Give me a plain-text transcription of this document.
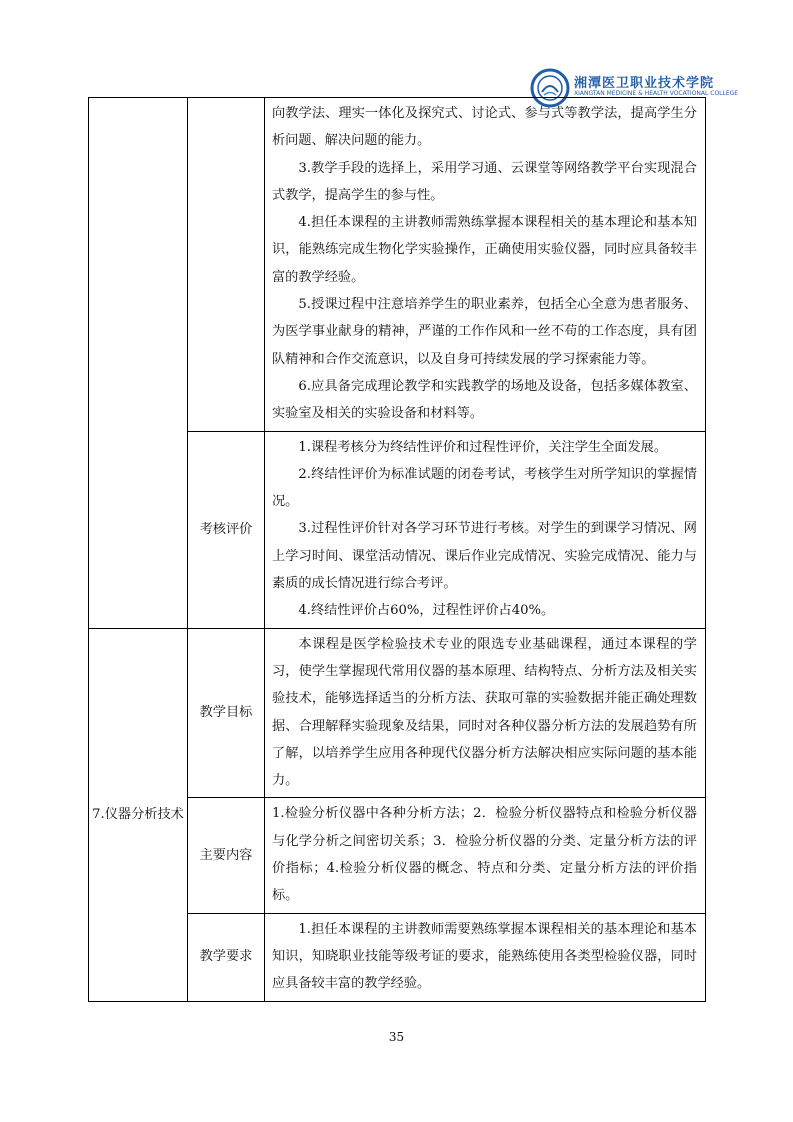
湘潭医卫职业技术学院
XIANGTAN MEDICINE & HEALTH VOCATIONAL COLLEGE

		向教学法、理实一体化及探究式、讨论式、参与式等教学法，提高学生分析问题、解决问题的能力。

3.教学手段的选择上，采用学习通、云课堂等网络教学平台实现混合式教学，提高学生的参与性。

4.担任本课程的主讲教师需熟练掌握本课程相关的基本理论和基本知识，能熟练完成生物化学实验操作，正确使用实验仪器，同时应具备较丰富的教学经验。

5.授课过程中注意培养学生的职业素养，包括全心全意为患者服务、为医学事业献身的精神，严谨的工作作风和一丝不苟的工作态度，具有团队精神和合作交流意识，以及自身可持续发展的学习探索能力等。

6.应具备完成理论教学和实践教学的场地及设备，包括多媒体教室、实验室及相关的实验设备和材料等。

	考核评价	1.课程考核分为终结性评价和过程性评价，关注学生全面发展。

2.终结性评价为标准试题的闭卷考试，考核学生对所学知识的掌握情况。

3.过程性评价针对各学习环节进行考核。对学生的到课学习情况、网上学习时间、课堂活动情况、课后作业完成情况、实验完成情况、能力与素质的成长情况进行综合考评。

4.终结性评价占60%，过程性评价占40%。

7.仪器分析技术	教学目标	本课程是医学检验技术专业的限选专业基础课程，通过本课程的学习，使学生掌握现代常用仪器的基本原理、结构特点、分析方法及相关实验技术，能够选择适当的分析方法、获取可靠的实验数据并能正确处理数据、合理解释实验现象及结果，同时对各种仪器分析方法的发展趋势有所了解，以培养学生应用各种现代仪器分析方法解决相应实际问题的基本能力。

	主要内容	1.检验分析仪器中各种分析方法；2．检验分析仪器特点和检验分析仪器与化学分析之间密切关系；3．检验分析仪器的分类、定量分析方法的评价指标；4.检验分析仪器的概念、特点和分类、定量分析方法的评价指标。

	教学要求	1.担任本课程的主讲教师需要熟练掌握本课程相关的基本理论和基本知识，知晓职业技能等级考证的要求，能熟练使用各类型检验仪器，同时应具备较丰富的教学经验。

35
